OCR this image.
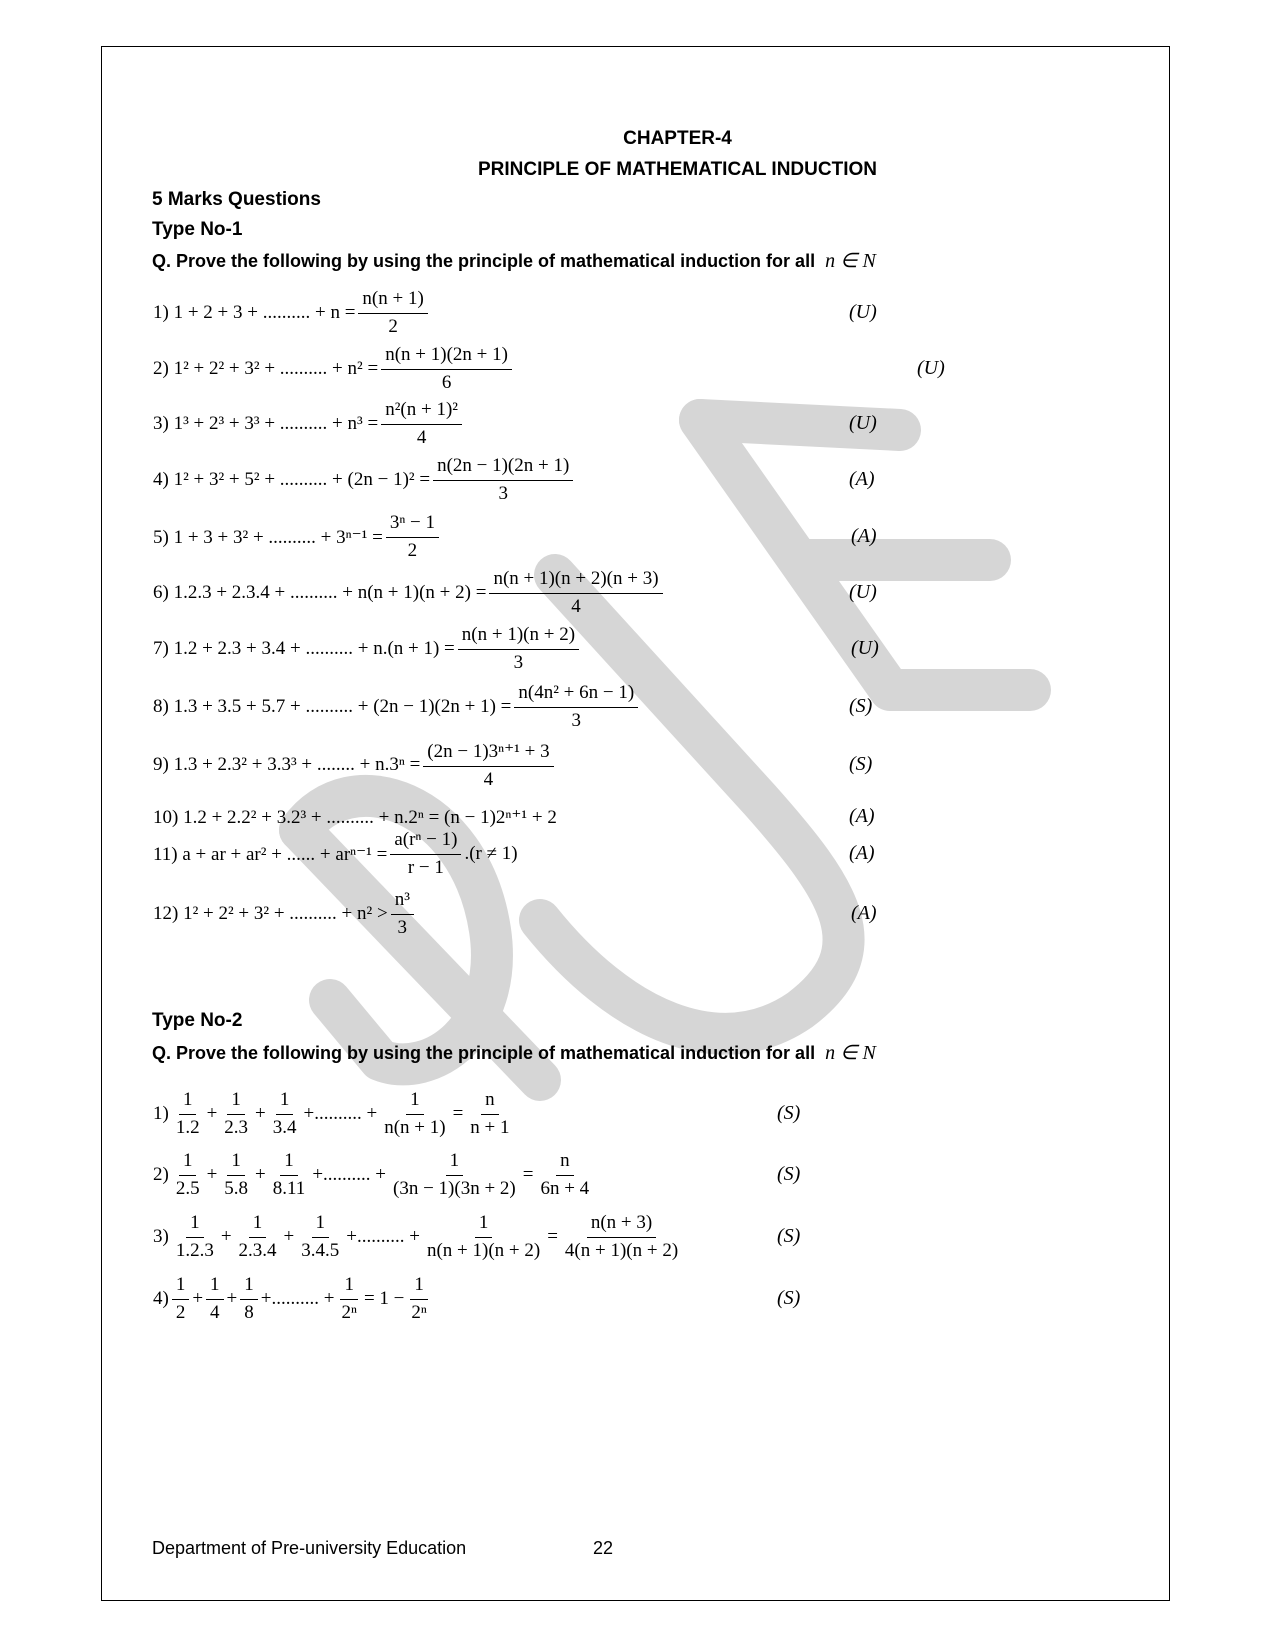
CHAPTER-4
PRINCIPLE OF MATHEMATICAL INDUCTION
5 Marks Questions
Type No-1
Q. Prove the following by using the principle of mathematical induction for all n ∈ N
1) 1 + 2 + 3 + .......... + $n = \frac{n(n + 1)}{2}$	(U)
2) 1² + 2² + 3² + .......... + $n^2 = \frac{n(n + 1)(2n + 1)}{6}$	(U)
3) 1³ + 2³ + 3³ + .......... + $n^3 = \frac{\text{n²(n + 1)²}}{4}$	(U)
4) 1² + 3² + 5² + .......... + $(2n - 1)^2 = \frac{n(2n - 1)(2n + 1)}{3}$	(A)
5) 1 + 3 + 3² + .......... + $3^{n-1} = \frac{\text{3ⁿ − 1}}{2}$	(A)
6) 1.2.3 + 2.3.4 + .......... + $n(n + 1)(n + 2) = \frac{n(n + 1)(n + 2)(n + 3)}{4}$	(U)
7) 1.2 + 2.3 + 3.4 + .......... + $n.(n + 1) = \frac{n(n + 1)(n + 2)}{3}$	(U)
8) 1.3 + 3.5 + 5.7 + .......... + $(2n - 1)(2n + 1) = \frac{\text{n(4n² + 6n − 1)}}{3}$	(S)
9) 1.3 + 2.3² + 3.3³ + ........ + $n.3^n = \frac{\text{(2n − 1)3ⁿ⁺¹ + 3}}{4}$	(S)
10) 1.2 + 2.2² + 3.2³ + .......... + n.2ⁿ = (n − 1)2ⁿ⁺¹ + 2	(A)
11) a + ar + ar² + ...... + $ar^{n-1} = \frac{\text{a(rⁿ − 1)}}{r - 1} .(r \ne 1)$	(A)
12) 1² + 2² + 3² + .......... + $n^2 > \frac{\text{n³}}{3}$	(A)
Type No-2
Q. Prove the following by using the principle of mathematical induction for all n ∈ N
$1) \frac{1}{1.2} + \frac{1}{2.3} + \frac{1}{3.4}$ + .......... + $\frac{1}{n(n + 1)} = \frac{n}{n + 1}$	(S)
$2) \frac{1}{2.5} + \frac{1}{5.8} + \frac{1}{8.11}$ + .......... + $\frac{1}{(3n - 1)(3n + 2)} = \frac{n}{6n + 4}$	(S)
$3) \frac{1}{1.2.3} + \frac{1}{2.3.4} + \frac{1}{3.4.5}$ + .......... + $\frac{1}{n(n + 1)(n + 2)} = \frac{n(n + 3)}{4(n + 1)(n + 2)}$	(S)
$4) \frac{1}{2} + \frac{1}{4} + \frac{1}{8}$ + .......... + $\frac{1}{\text{2ⁿ}} = 1 - \frac{1}{\text{2ⁿ}}$	(S)
Department of Pre-university Education	22
